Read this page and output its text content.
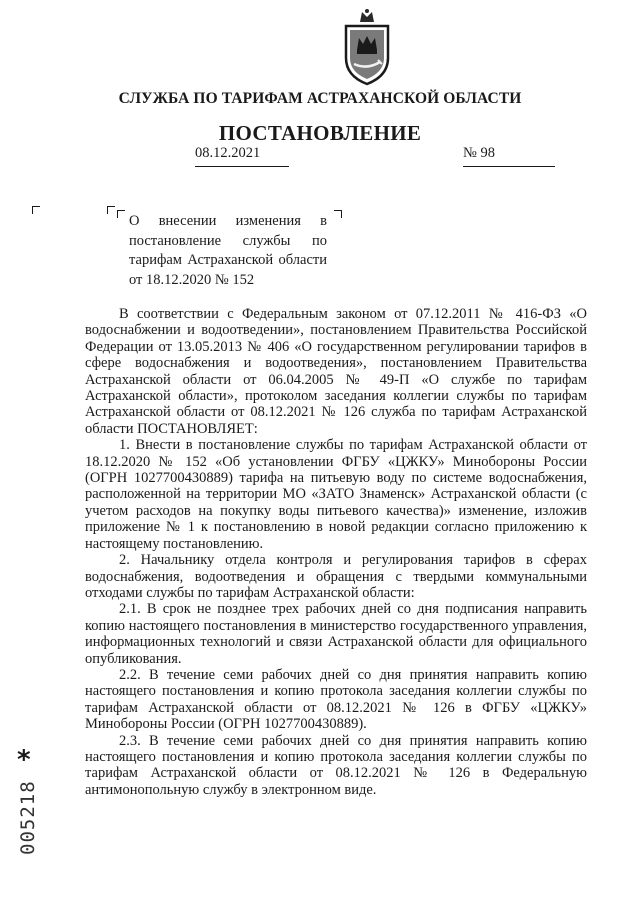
СЛУЖБА ПО ТАРИФАМ АСТРАХАНСКОЙ ОБЛАСТИ
ПОСТАНОВЛЕНИЕ
08.12.2021	№ 98
О внесении изменения в постановление службы по тарифам Астраханской области от 18.12.2020 № 152

В соответствии с Федеральным законом от 07.12.2011 № 416-ФЗ «О водоснабжении и водоотведении», постановлением Правительства Российской Федерации от 13.05.2013 № 406 «О государственном регулировании тарифов в сфере водоснабжения и водоотведения», постановлением Правительства Астраханской области от 06.04.2005 № 49-П «О службе по тарифам Астраханской области», протоколом заседания коллегии службы по тарифам Астраханской области от 08.12.2021 № 126 служба по тарифам Астраханской области ПОСТАНОВЛЯЕТ:

1. Внести в постановление службы по тарифам Астраханской области от 18.12.2020 № 152 «Об установлении ФГБУ «ЦЖКУ» Минобороны России (ОГРН 1027700430889) тарифа на питьевую воду по системе водоснабжения, расположенной на территории МО «ЗАТО Знаменск» Астраханской области (с учетом расходов на покупку воды питьевого качества)» изменение, изложив приложение № 1 к постановлению в новой редакции согласно приложению к настоящему постановлению.

2. Начальнику отдела контроля и регулирования тарифов в сферах водоснабжения, водоотведения и обращения с твердыми коммунальными отходами службы по тарифам Астраханской области:

2.1. В срок не позднее трех рабочих дней со дня подписания направить копию настоящего постановления в министерство государственного управления, информационных технологий и связи Астраханской области для официального опубликования.

2.2. В течение семи рабочих дней со дня принятия направить копию настоящего постановления и копию протокола заседания коллегии службы по тарифам Астраханской области от 08.12.2021 № 126 в ФГБУ «ЦЖКУ» Минобороны России (ОГРН 1027700430889).

2.3. В течение семи рабочих дней со дня принятия направить копию настоящего постановления и копию протокола заседания коллегии службы по тарифам Астраханской области от 08.12.2021 № 126 в Федеральную антимонопольную службу в электронном виде.

*
005218
